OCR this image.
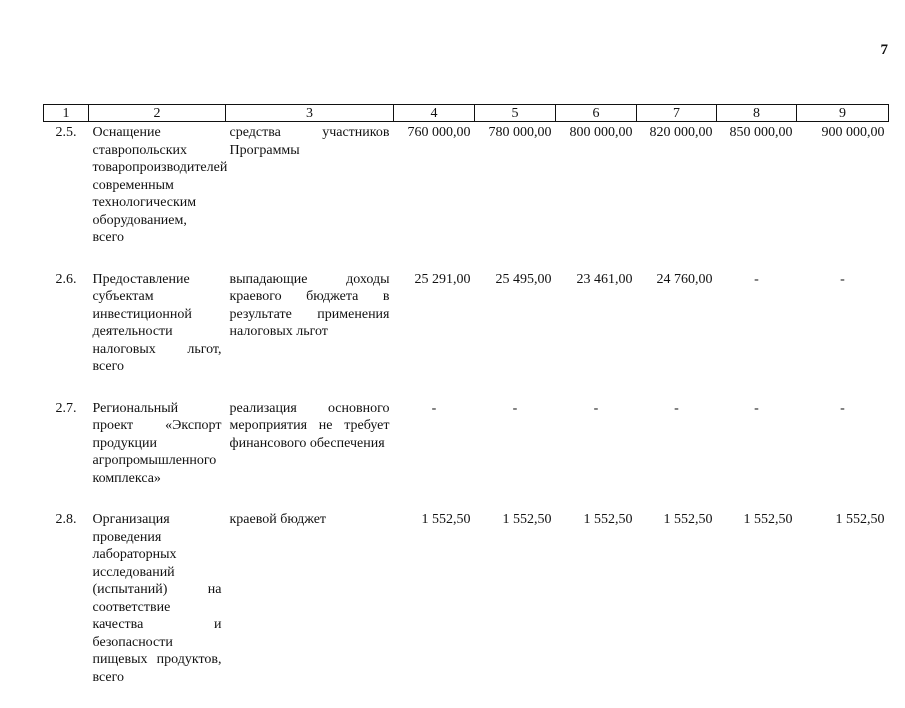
7
1	2	3	4	5	6	7	8	9
2.5.	Оснащение ставропольских товаропроизводителей современным технологическим оборудованием, всего	средства участников Программы	760 000,00	780 000,00	800 000,00	820 000,00	850 000,00	900 000,00
2.6.	Предоставление субъектам инвестиционной деятельности налоговых льгот, всего	выпадающие доходы краевого бюджета в результате применения налоговых льгот	25 291,00	25 495,00	23 461,00	24 760,00	-	-
2.7.	Региональный проект «Экспорт продукции агропромышленного комплекса»	реализация основного мероприятия не требует финансового обеспечения	-	-	-	-	-	-
2.8.	Организация проведения лабораторных исследований (испытаний) на соответствие качества и безопасности пищевых продуктов, всего	краевой бюджет	1 552,50	1 552,50	1 552,50	1 552,50	1 552,50	1 552,50
